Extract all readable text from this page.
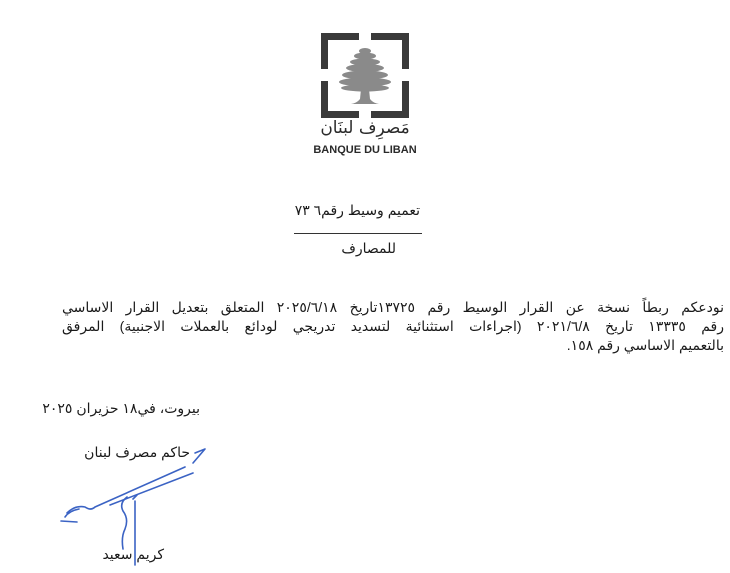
مَصرِف لبنَان
BANQUE DU LIBAN
تعميم وسيط رقم٦ ٧٣
للمصارف
نودعكم ربطاً نسخة عن القرار الوسيط رقم ١٣٧٢٥تاريخ ٢٠٢٥/٦/١٨ المتعلق بتعديل القرار الاساسي
رقم ١٣٣٣٥ تاريخ ٢٠٢١/٦/٨ (اجراءات استثنائية لتسديد تدريجي لودائع بالعملات الاجنبية) المرفق
بالتعميم الاساسي رقم ١٥٨.
بيروت، في١٨ حزيران ٢٠٢٥
حاكم مصرف لبنان
كريم سعيد
